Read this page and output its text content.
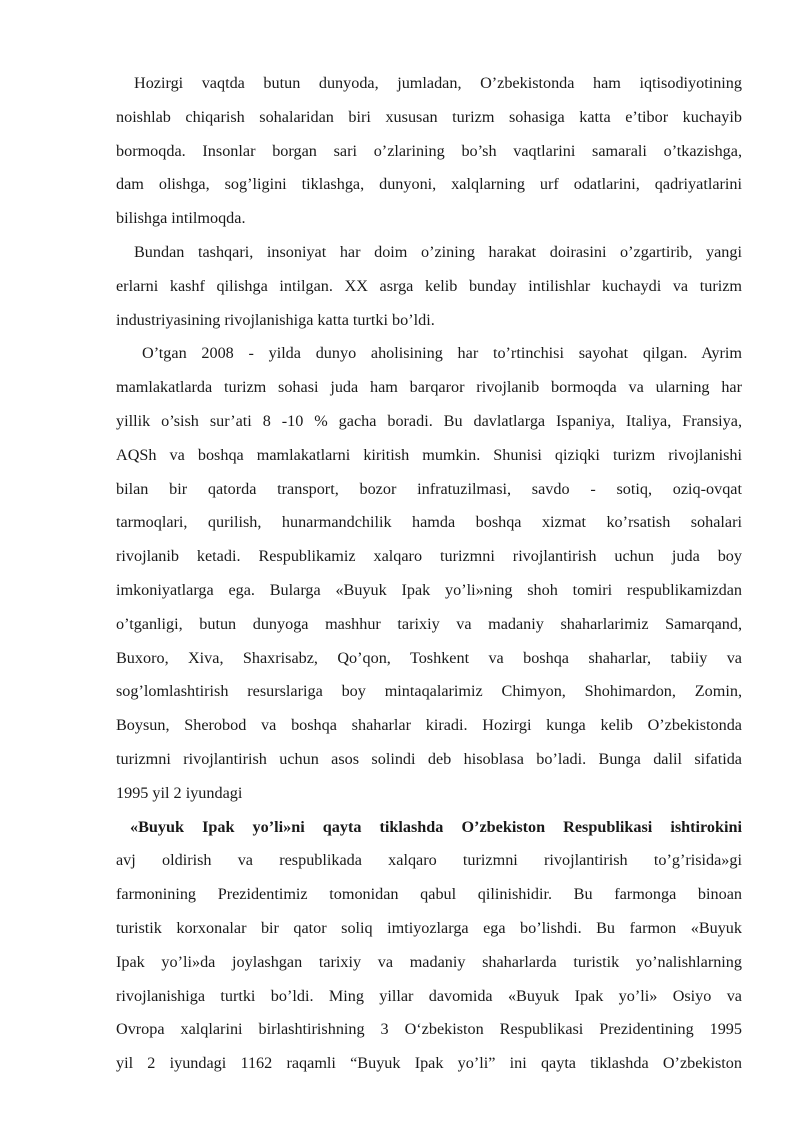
Hozirgi vaqtda butun dunyoda, jumladan, O’zbekistonda ham iqtisodiyotining
noishlab chiqarish sohalaridan biri xususan turizm sohasiga katta e’tibor kuchayib
bormoqda. Insonlar borgan sari o’zlarining bo’sh vaqtlarini samarali o’tkazishga,
dam olishga, sog’ligini tiklashga, dunyoni, xalqlarning urf odatlarini, qadriyatlarini
bilishga intilmoqda.
Bundan tashqari, insoniyat har doim o’zining harakat doirasini o’zgartirib, yangi
erlarni kashf qilishga intilgan. XX asrga kelib bunday intilishlar kuchaydi va turizm
industriyasining rivojlanishiga katta turtki bo’ldi.
O’tgan 2008 - yilda dunyo aholisining har to’rtinchisi sayohat qilgan. Ayrim
mamlakatlarda turizm sohasi juda ham barqaror rivojlanib bormoqda va ularning har
yillik o’sish sur’ati 8 -10 % gacha boradi. Bu davlatlarga Ispaniya, Italiya, Fransiya,
AQSh va boshqa mamlakatlarni kiritish mumkin. Shunisi qiziqki turizm rivojlanishi
bilan bir qatorda transport, bozor infratuzilmasi, savdo - sotiq, oziq-ovqat
tarmoqlari, qurilish, hunarmandchilik hamda boshqa xizmat ko’rsatish sohalari
rivojlanib ketadi. Respublikamiz xalqaro turizmni rivojlantirish uchun juda boy
imkoniyatlarga ega. Bularga «Buyuk Ipak yo’li»ning shoh tomiri respublikamizdan
o’tganligi, butun dunyoga mashhur tarixiy va madaniy shaharlarimiz Samarqand,
Buxoro, Xiva, Shaxrisabz, Qo’qon, Toshkent va boshqa shaharlar, tabiiy va
sog’lomlashtirish resurslariga boy mintaqalarimiz Chimyon, Shohimardon, Zomin,
Boysun, Sherobod va boshqa shaharlar kiradi. Hozirgi kunga kelib O’zbekistonda
turizmni rivojlantirish uchun asos solindi deb hisoblasa bo’ladi. Bunga dalil sifatida
1995 yil 2 iyundagi
«Buyuk Ipak yo’li»ni qayta tiklashda O’zbekiston Respublikasi ishtirokini
avj oldirish va respublikada xalqaro turizmni rivojlantirish to’g’risida»gi
farmonining Prezidentimiz tomonidan qabul qilinishidir. Bu farmonga binoan
turistik korxonalar bir qator soliq imtiyozlarga ega bo’lishdi. Bu farmon «Buyuk
Ipak yo’li»da joylashgan tarixiy va madaniy shaharlarda turistik yo’nalishlarning
rivojlanishiga turtki bo’ldi. Ming yillar davomida «Buyuk Ipak yo’li» Osiyo va
Ovropa xalqlarini birlashtirishning 3 O‘zbekiston Respublikasi Prezidentining 1995
yil 2 iyundagi 1162 raqamli “Buyuk Ipak yo’li” ini qayta tiklashda O’zbekiston
